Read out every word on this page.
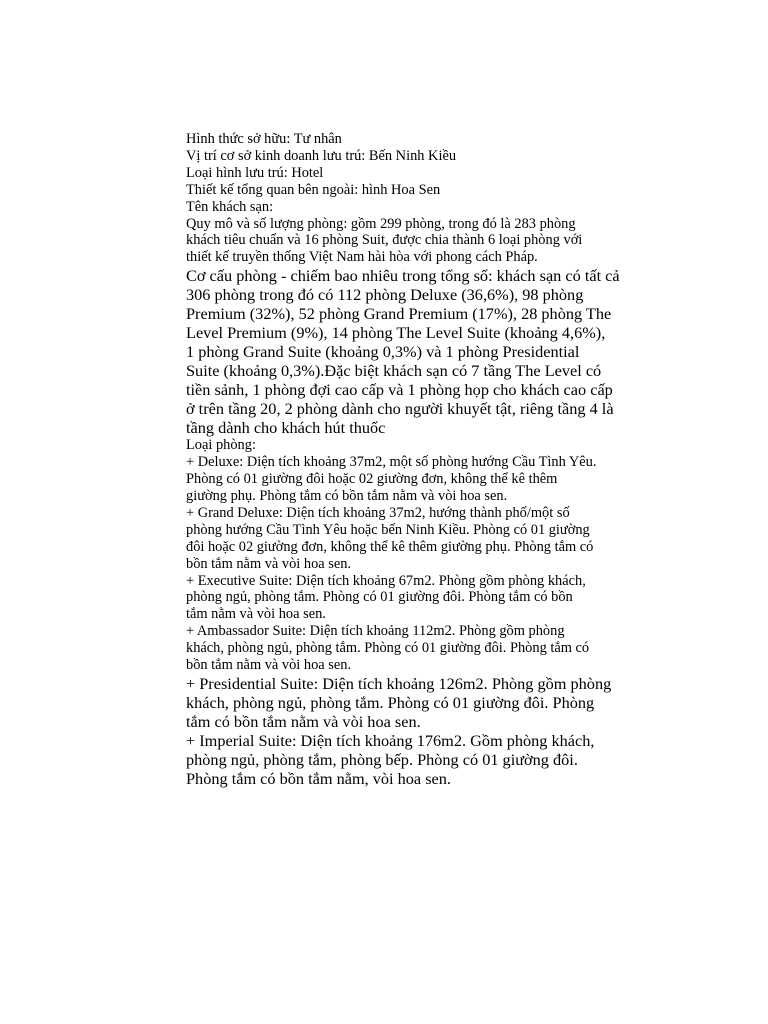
Hình thức sở hữu: Tư nhân

Vị trí cơ sở kinh doanh lưu trú: Bến Ninh Kiều

Loại hình lưu trú: Hotel

Thiết kế tổng quan bên ngoài: hình Hoa Sen

Tên khách sạn:

Quy mô và số lượng phòng: gồm 299 phòng, trong đó là 283 phòng

khách tiêu chuẩn và 16 phòng Suit, được chia thành 6 loại phòng với

thiết kế truyền thống Việt Nam hài hòa với phong cách Pháp.

Cơ cấu phòng - chiếm bao nhiêu trong tổng số: khách sạn có tất cả

306 phòng trong đó có 112 phòng Deluxe (36,6%), 98 phòng

Premium (32%), 52 phòng Grand Premium (17%), 28 phòng The

Level Premium (9%), 14 phòng The Level Suite (khoảng 4,6%),

1 phòng Grand Suite (khoảng 0,3%) và 1 phòng Presidential

Suite (khoảng 0,3%).Đặc biệt khách sạn có 7 tầng The Level có

tiền sảnh, 1 phòng đợi cao cấp và 1 phòng họp cho khách cao cấp

ở trên tầng 20, 2 phòng dành cho người khuyết tật, riêng tầng 4 là

tầng dành cho khách hút thuốc

Loại phòng:

+ Deluxe: Diện tích khoảng 37m2, một số phòng hướng Cầu Tình Yêu.

Phòng có 01 giường đôi hoặc 02 giường đơn, không thể kê thêm

giường phụ. Phòng tắm có bồn tắm nằm và vòi hoa sen.

+ Grand Deluxe: Diện tích khoảng 37m2, hướng thành phố/một số

phòng hướng Cầu Tình Yêu hoặc bến Ninh Kiều. Phòng có 01 giường

đôi hoặc 02 giường đơn, không thể kê thêm giường phụ. Phòng tắm có

bồn tắm nằm và vòi hoa sen.

+ Executive Suite: Diện tích khoảng 67m2. Phòng gồm phòng khách,

phòng ngủ, phòng tắm. Phòng có 01 giường đôi. Phòng tắm có bồn

tắm nằm và vòi hoa sen.

+ Ambassador Suite: Diện tích khoảng 112m2. Phòng gồm phòng

khách, phòng ngủ, phòng tắm. Phòng có 01 giường đôi. Phòng tắm có

bồn tắm nằm và vòi hoa sen.

+ Presidential Suite: Diện tích khoảng 126m2. Phòng gồm phòng

khách, phòng ngủ, phòng tắm. Phòng có 01 giường đôi. Phòng

tắm có bồn tắm nằm và vòi hoa sen.

+ Imperial Suite: Diện tích khoảng 176m2. Gồm phòng khách,

phòng ngủ, phòng tắm, phòng bếp. Phòng có 01 giường đôi.

Phòng tắm có bồn tắm nằm, vòi hoa sen.
